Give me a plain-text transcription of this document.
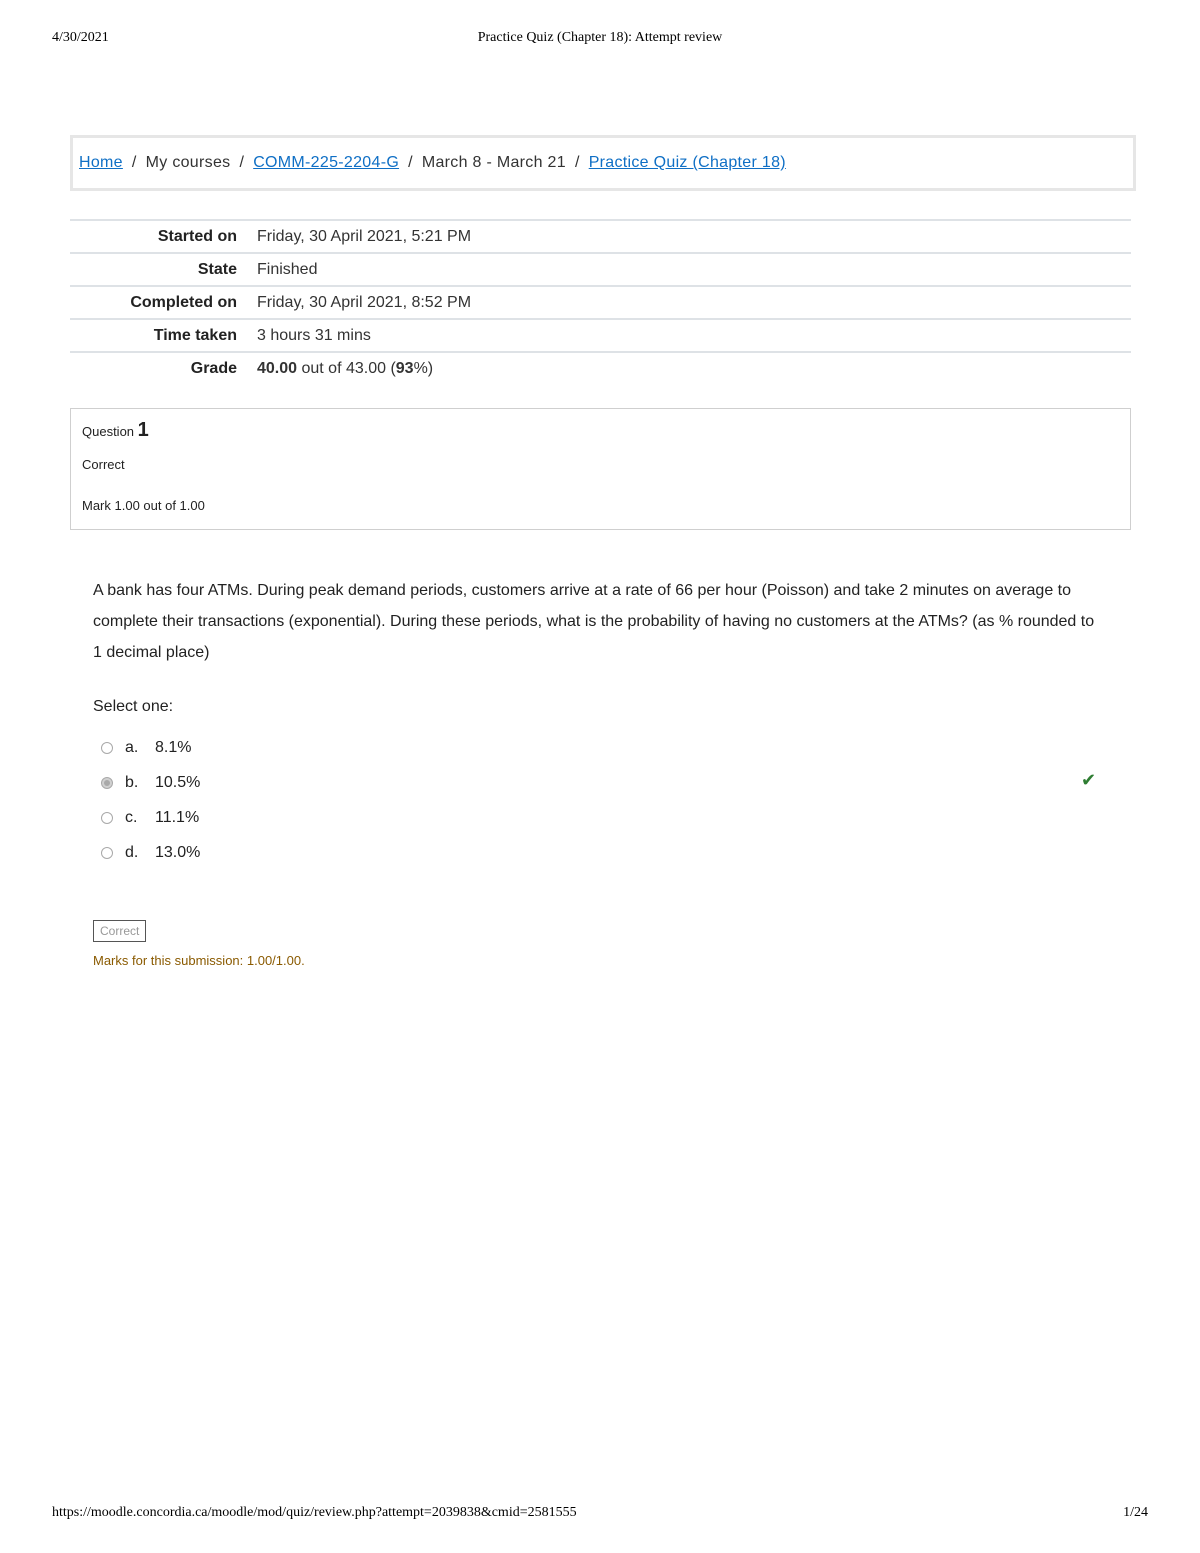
4/30/2021	Practice Quiz (Chapter 18): Attempt review
Home / My courses / COMM-225-2204-G / March 8 - March 21 / Practice Quiz (Chapter 18)
Started on	Friday, 30 April 2021, 5:21 PM
State	Finished
Completed on	Friday, 30 April 2021, 8:52 PM
Time taken	3 hours 31 mins
Grade	40.00 out of 43.00 (93%)
Question 1
Correct
Mark 1.00 out of 1.00
A bank has four ATMs. During peak demand periods, customers arrive at a rate of 66 per hour (Poisson) and take 2 minutes on average to complete their transactions (exponential). During these periods, what is the probability of having no customers at the ATMs? (as % rounded to 1 decimal place)
Select one:
a.	8.1%
b.	10.5%	✔
c.	11.1%
d.	13.0%
Correct
Marks for this submission: 1.00/1.00.
https://moodle.concordia.ca/moodle/mod/quiz/review.php?attempt=2039838&cmid=2581555	1/24
